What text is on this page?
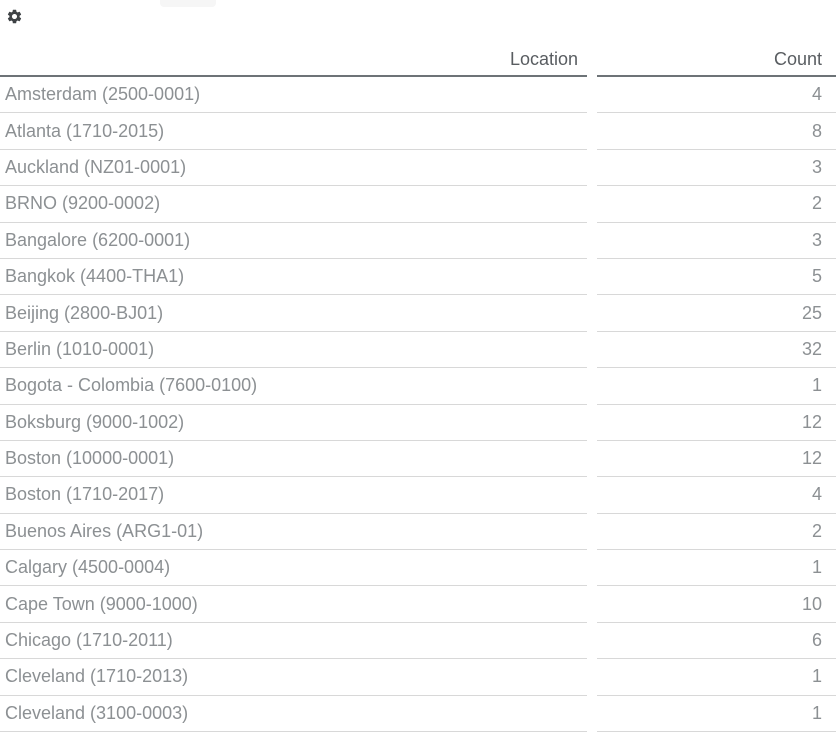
Location	Count
Amsterdam (2500-0001)	4
Atlanta (1710-2015)	8
Auckland (NZ01-0001)	3
BRNO (9200-0002)	2
Bangalore (6200-0001)	3
Bangkok (4400-THA1)	5
Beijing (2800-BJ01)	25
Berlin (1010-0001)	32
Bogota - Colombia (7600-0100)	1
Boksburg (9000-1002)	12
Boston (10000-0001)	12
Boston (1710-2017)	4
Buenos Aires (ARG1-01)	2
Calgary (4500-0004)	1
Cape Town (9000-1000)	10
Chicago (1710-2011)	6
Cleveland (1710-2013)	1
Cleveland (3100-0003)	1
